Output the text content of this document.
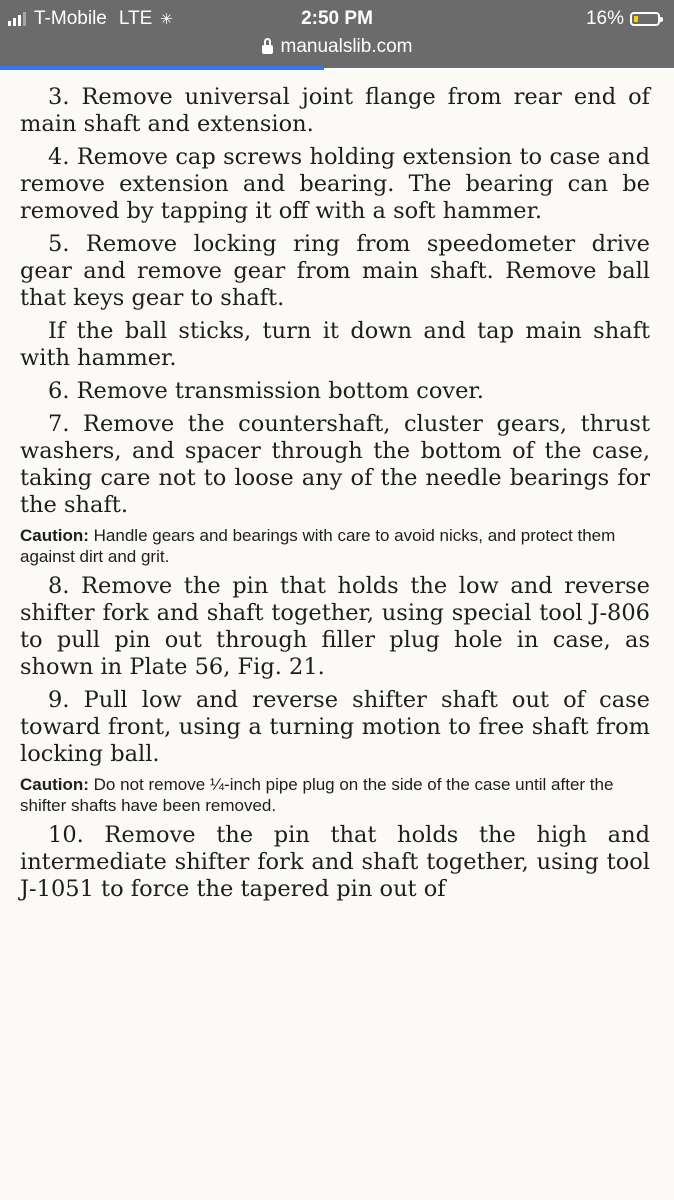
T-Mobile LTE ✳	2:50 PM	16%
manualslib.com

3. Remove universal joint flange from rear end of main shaft and extension.

4. Remove cap screws holding extension to case and remove extension and bearing. The bearing can be removed by tapping it off with a soft hammer.

5. Remove locking ring from speedometer drive gear and remove gear from main shaft. Remove ball that keys gear to shaft.

If the ball sticks, turn it down and tap main shaft with hammer.

6. Remove transmission bottom cover.

7. Remove the countershaft, cluster gears, thrust washers, and spacer through the bottom of the case, taking care not to loose any of the needle bearings for the shaft.

Caution: Handle gears and bearings with care to avoid nicks, and protect them against dirt and grit.

8. Remove the pin that holds the low and reverse shifter fork and shaft together, using special tool J-806 to pull pin out through filler plug hole in case, as shown in Plate 56, Fig. 21.

9. Pull low and reverse shifter shaft out of case toward front, using a turning motion to free shaft from locking ball.

Caution: Do not remove ¼-inch pipe plug on the side of the case until after the shifter shafts have been removed.

10. Remove the pin that holds the high and intermediate shifter fork and shaft together, using tool J-1051 to force the tapered pin out of
